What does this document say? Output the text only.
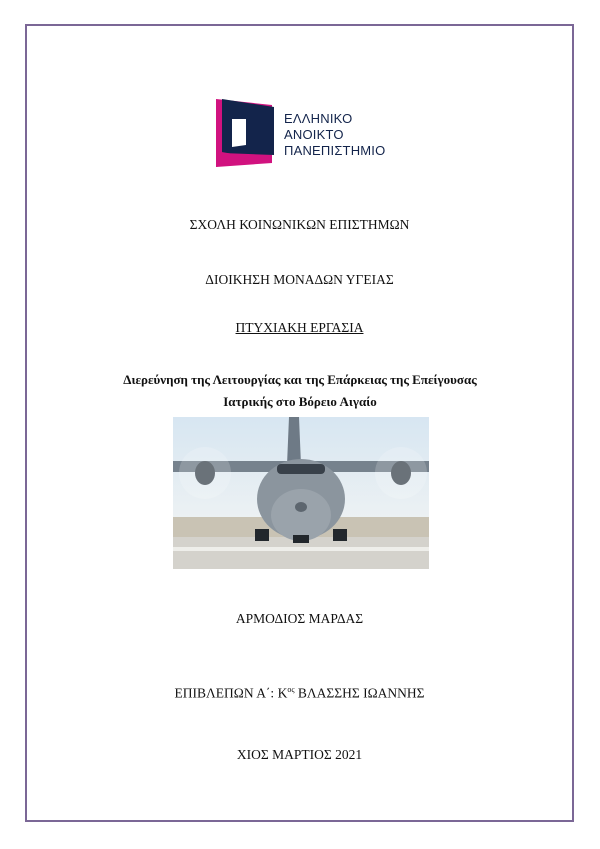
ΕΛΛΗΝΙΚΟ
ΑΝΟΙΚΤΟ
ΠΑΝΕΠΙΣΤΗΜΙΟ
ΣΧΟΛΗ ΚΟΙΝΩΝΙΚΩΝ ΕΠΙΣΤΗΜΩΝ
ΔΙΟΙΚΗΣΗ ΜΟΝΑΔΩΝ ΥΓΕΙΑΣ
ΠΤΥΧΙΑΚΗ ΕΡΓΑΣΙΑ
Διερεύνηση της Λειτουργίας και της Επάρκειας της Επείγουσας
Ιατρικής στο Βόρειο Αιγαίο
ΑΡΜΟΔΙΟΣ ΜΑΡΔΑΣ
ΕΠΙΒΛΕΠΩΝ Α΄: $K^{o\varsigma}$ ΒΛΑΣΣΗΣ ΙΩΑΝΝΗΣ
ΧΙΟΣ ΜΑΡΤΙΟΣ 2021
